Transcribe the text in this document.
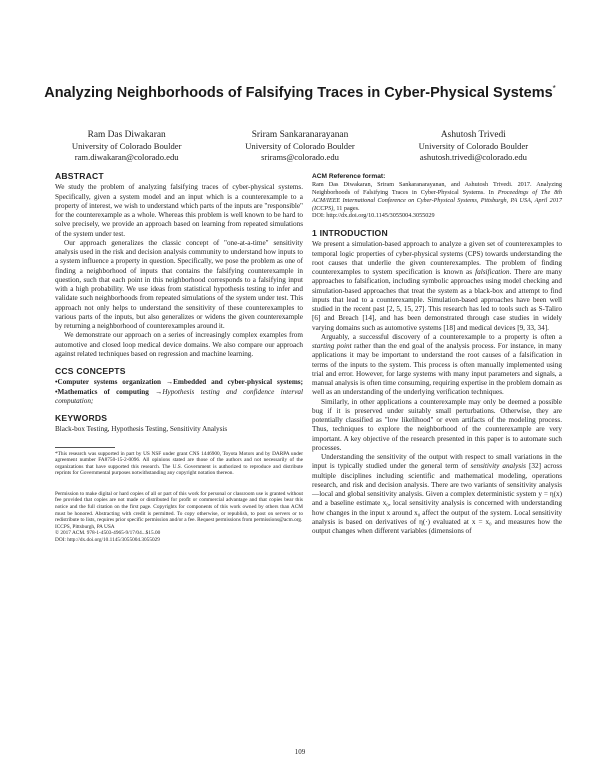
Analyzing Neighborhoods of Falsifying Traces in Cyber-Physical Systems*
Ram Das Diwakaran
University of Colorado Boulder
ram.diwakaran@colorado.edu
Sriram Sankaranarayanan
University of Colorado Boulder
srirams@colorado.edu
Ashutosh Trivedi
University of Colorado Boulder
ashutosh.trivedi@colorado.edu
ABSTRACT

We study the problem of analyzing falsifying traces of cyber-physical systems. Specifically, given a system model and an input which is a counterexample to a property of interest, we wish to understand which parts of the inputs are "responsible" for the counterexample as a whole. Whereas this problem is well known to be hard to solve precisely, we provide an approach based on learning from repeated simulations of the system under test.

Our approach generalizes the classic concept of "one-at-a-time" sensitivity analysis used in the risk and decision analysis community to understand how inputs to a system influence a property in question. Specifically, we pose the problem as one of finding a neighborhood of inputs that contains the falsifying counterexample in question, such that each point in this neighborhood corresponds to a falsifying input with a high probability. We use ideas from statistical hypothesis testing to infer and validate such neighborhoods from repeated simulations of the system under test. This approach not only helps to understand the sensitivity of these counterexamples to various parts of the inputs, but also generalizes or widens the given counterexample by returning a neighborhood of counterexamples around it.

We demonstrate our approach on a series of increasingly complex examples from automotive and closed loop medical device domains. We also compare our approach against related techniques based on regression and machine learning.

CCS CONCEPTS

•Computer systems organization →Embedded and cyber-physical systems; •Mathematics of computing →Hypothesis testing and confidence interval computation;

KEYWORDS

Black-box Testing, Hypothesis Testing, Sensitivity Analysis

*This research was supported in part by US NSF under grant CNS 1446900, Toyota Motors and by DARPA under agreement number FA8750-15-2-0096. All opinions stated are those of the authors and not necessarily of the organizations that have supported this research. The U.S. Government is authorized to reproduce and distribute reprints for Governmental purposes notwithstanding any copyright notation thereon.

Permission to make digital or hard copies of all or part of this work for personal or classroom use is granted without fee provided that copies are not made or distributed for profit or commercial advantage and that copies bear this notice and the full citation on the first page. Copyrights for components of this work owned by others than ACM must be honored. Abstracting with credit is permitted. To copy otherwise, or republish, to post on servers or to redistribute to lists, requires prior specific permission and/or a fee. Request permissions from permissions@acm.org.

ICCPS, Pittsburgh, PA USA

© 2017 ACM. 978-1-4503-4965-9/17/04...$15.00

DOI: http://dx.doi.org/10.1145/3055004.3055029

ACM Reference format:

Ram Das Diwakaran, Sriram Sankaranarayanan, and Ashutosh Trivedi. 2017. Analyzing Neighborhoods of Falsifying Traces in Cyber-Physical Systems. In Proceedings of The 8th ACM/IEEE International Conference on Cyber-Physical Systems, Pittsburgh, PA USA, April 2017 (ICCPS), 11 pages.

DOI: http://dx.doi.org/10.1145/3055004.3055029

1 INTRODUCTION

We present a simulation-based approach to analyze a given set of counterexamples to temporal logic properties of cyber-physical systems (CPS) towards understanding the root causes that underlie the given counterexamples. The problem of finding counterexamples to system specification is known as falsification. There are many approaches to falsification, including symbolic approaches using model checking and simulation-based approaches that treat the system as a black-box and attempt to find inputs that lead to a counterexample. Simulation-based approaches have been well studied in the recent past [2, 5, 15, 27]. This research has led to tools such as S-Taliro [6] and Breach [14], and has been demonstrated through case studies in widely varying domains such as automotive systems [18] and medical devices [9, 33, 34].

Arguably, a successful discovery of a counterexample to a property is often a starting point rather than the end goal of the analysis process. For instance, in many applications it may be important to understand the root causes of a falsification in terms of the inputs to the system. This process is often manually implemented using trial and error. However, for large systems with many input parameters and signals, a manual analysis is often time consuming, requiring expertise in the problem domain as well as an understanding of the underlying verification techniques.

Similarly, in other applications a counterexample may only be deemed a possible bug if it is preserved under suitably small perturbations. Otherwise, they are potentially classified as "low likelihood" or even artifacts of the modeling process. Thus, techniques to explore the neighborhood of the counterexample are very important. A key objective of the research presented in this paper is to automate such processes.

Understanding the sensitivity of the output with respect to small variations in the input is typically studied under the general term of sensitivity analysis [32] across multiple disciplines including scientific and mathematical modeling, operations research, and risk and decision analysis. There are two variants of sensitivity analysis—local and global sensitivity analysis. Given a complex deterministic system y = η(x) and a baseline estimate x₀, local sensitivity analysis is concerned with understanding how changes in the input x around x₀ affect the output of the system. Local sensitivity analysis is based on derivatives of η(·) evaluated at x = x₀ and measures how the output changes when different variables (dimensions of

109
